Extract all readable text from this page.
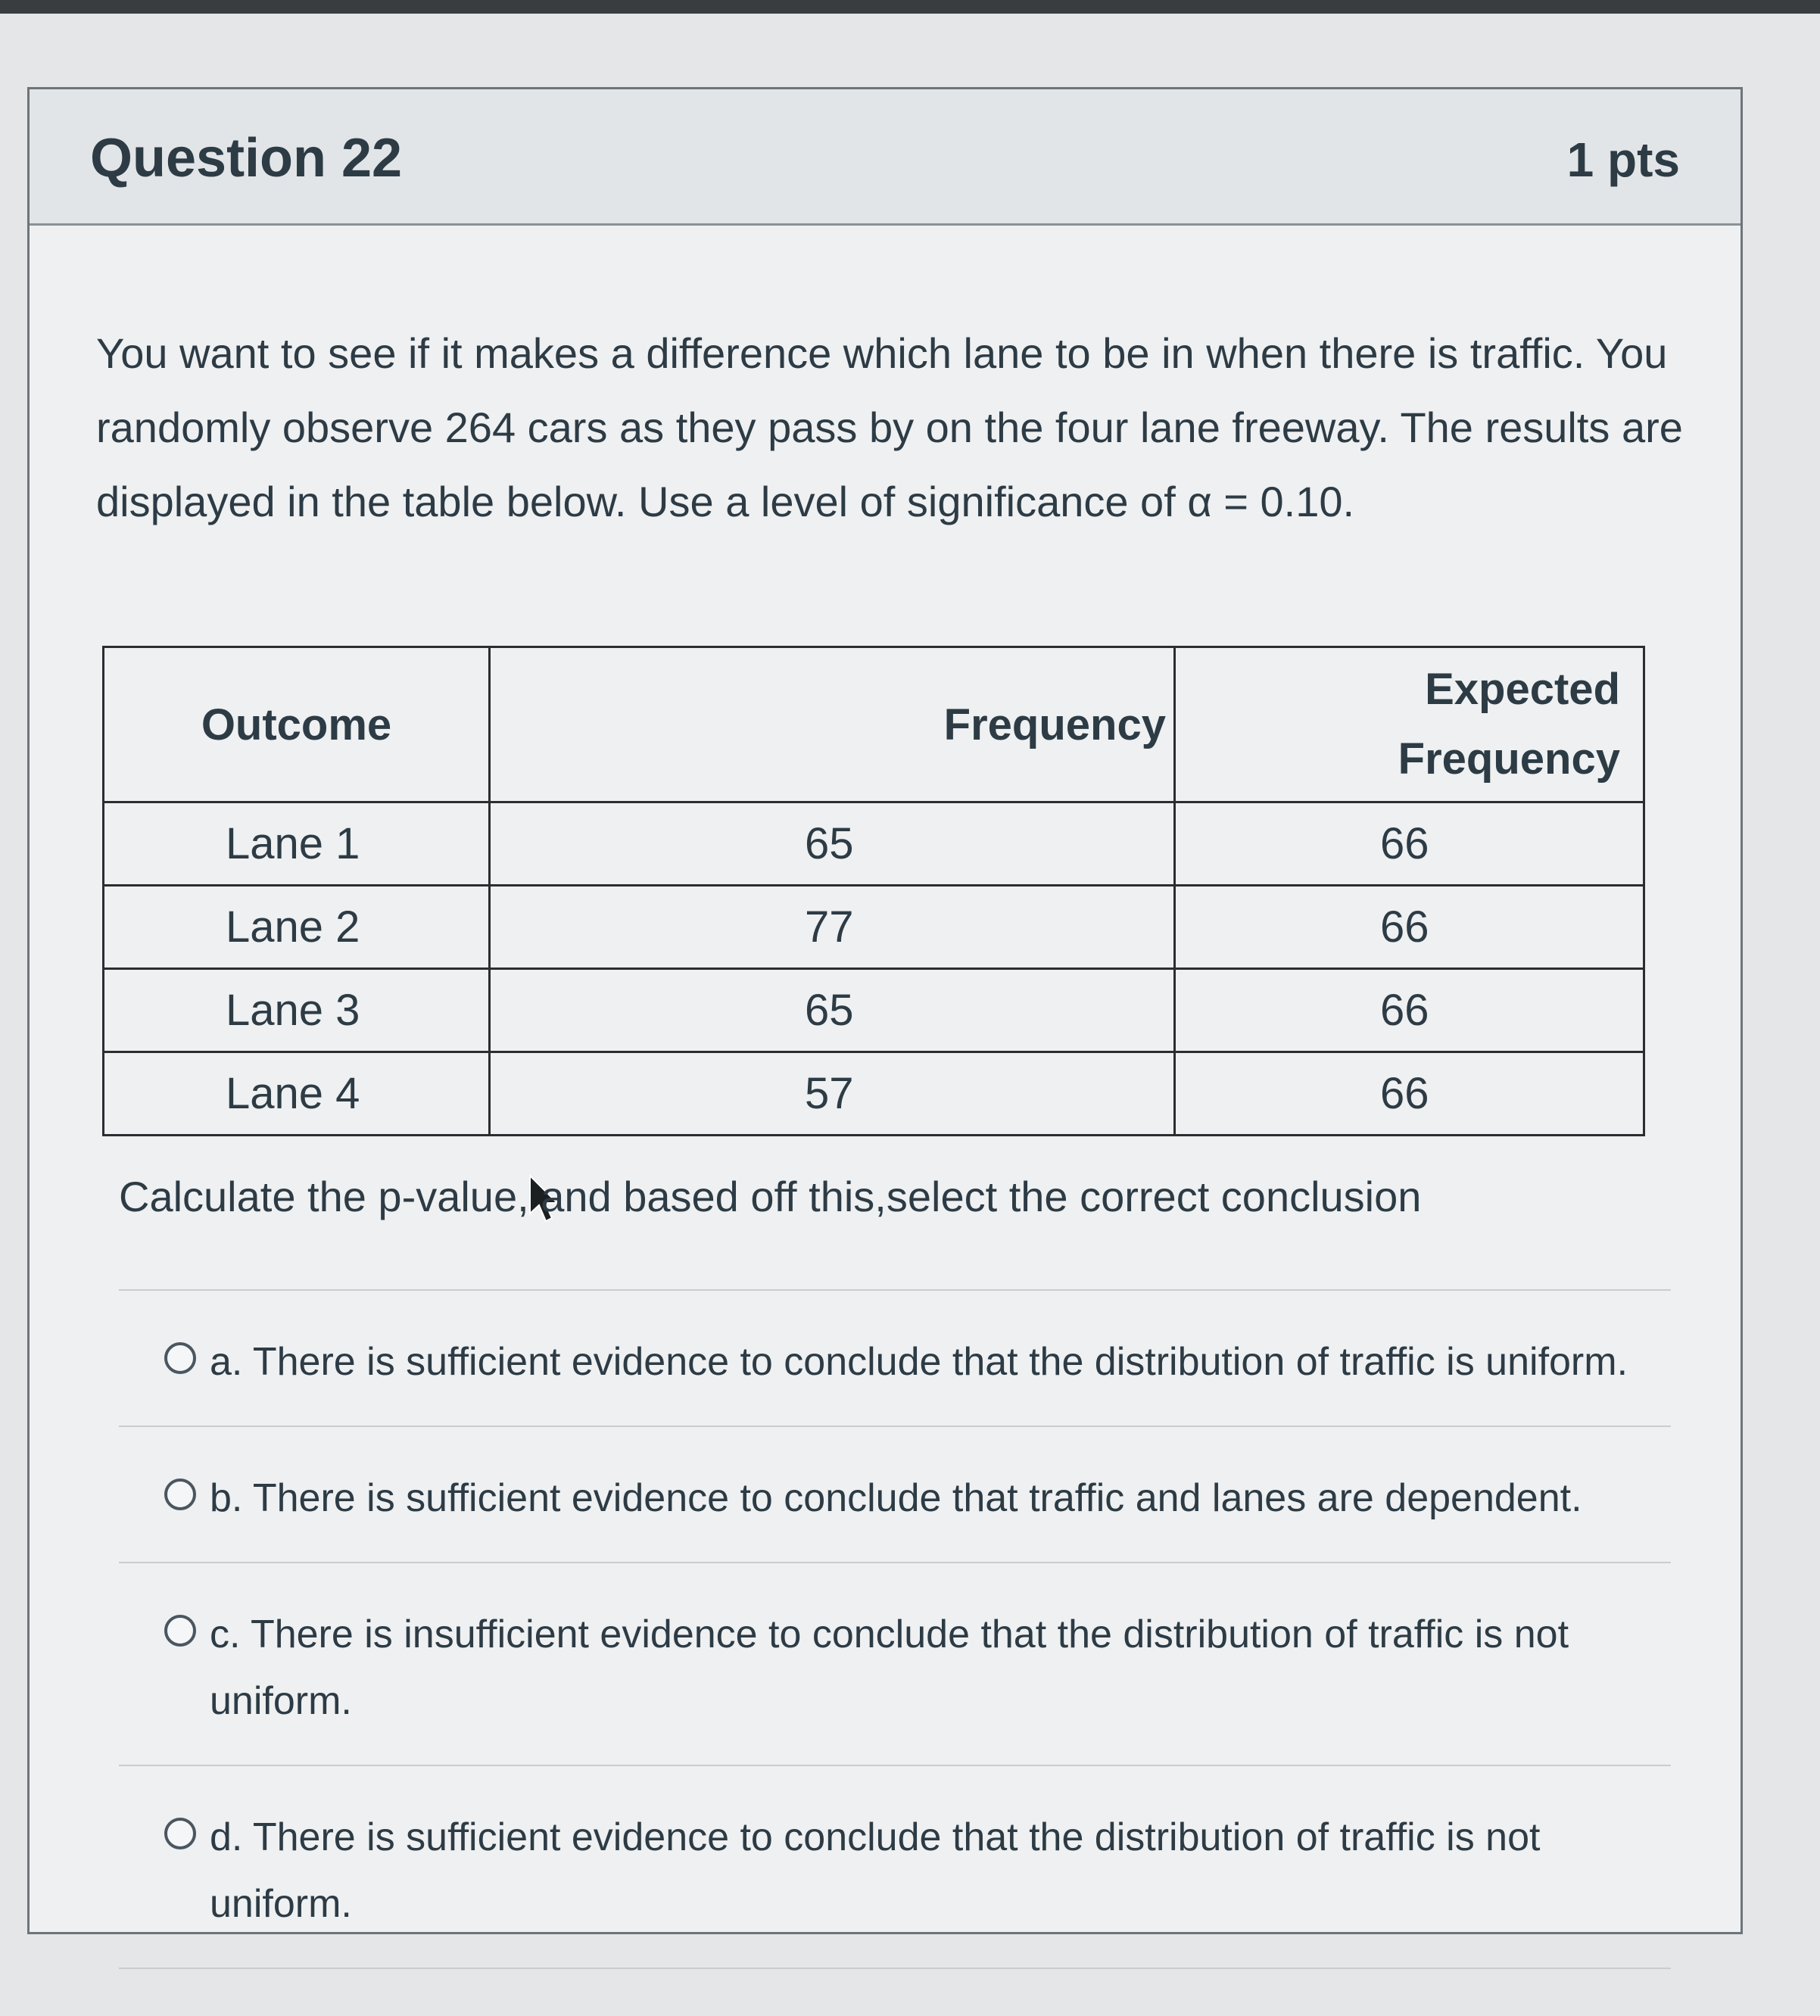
Question 22	1 pts
You want to see if it makes a difference which lane to be in when there is traffic. You randomly observe 264 cars as they pass by on the four lane freeway. The results are displayed in the table below. Use a level of significance of α = 0.10.
Outcome	Frequency	Expected
Frequency
Lane 1	65	66
Lane 2	77	66
Lane 3	65	66
Lane 4	57	66
Calculate the p-value, and based off this,select the correct conclusion
a. There is sufficient evidence to conclude that the distribution of traffic is uniform.
b. There is sufficient evidence to conclude that traffic and lanes are dependent.
c. There is insufficient evidence to conclude that the distribution of traffic is not uniform.
d. There is sufficient evidence to conclude that the distribution of traffic is not uniform.
